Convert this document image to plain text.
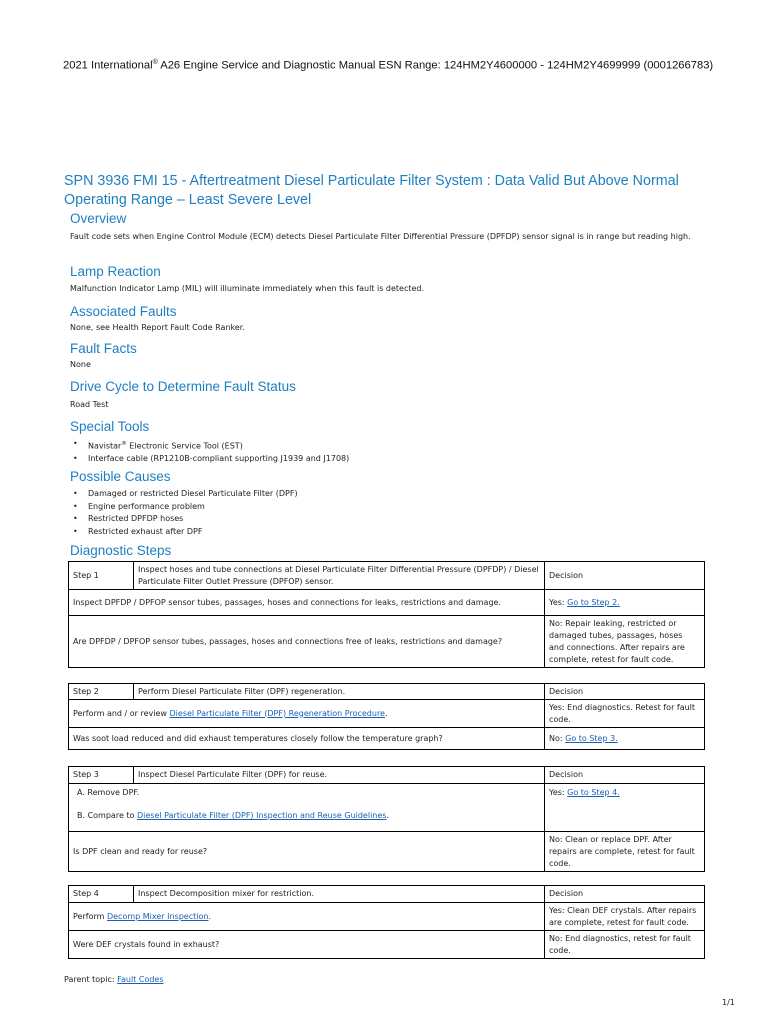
2021 International® A26 Engine Service and Diagnostic Manual ESN Range: 124HM2Y4600000 - 124HM2Y4699999 (0001266783)
SPN 3936 FMI 15 - Aftertreatment Diesel Particulate Filter System : Data Valid But Above Normal Operating Range – Least Severe Level
Overview
Fault code sets when Engine Control Module (ECM) detects Diesel Particulate Filter Differential Pressure (DPFDP) sensor signal is in range but reading high.
Lamp Reaction
Malfunction Indicator Lamp (MIL) will illuminate immediately when this fault is detected.
Associated Faults
None, see Health Report Fault Code Ranker.
Fault Facts
None
Drive Cycle to Determine Fault Status
Road Test
Special Tools
• Navistar® Electronic Service Tool (EST)
• Interface cable (RP1210B-compliant supporting J1939 and J1708)
Possible Causes
• Damaged or restricted Diesel Particulate Filter (DPF)
• Engine performance problem
• Restricted DPFDP hoses
• Restricted exhaust after DPF
Diagnostic Steps
Step 1	Inspect hoses and tube connections at Diesel Particulate Filter Differential Pressure (DPFDP) / Diesel Particulate Filter Outlet Pressure (DPFOP) sensor.	Decision
Inspect DPFDP / DPFOP sensor tubes, passages, hoses and connections for leaks, restrictions and damage.		Yes: Go to Step 2.
Are DPFDP / DPFOP sensor tubes, passages, hoses and connections free of leaks, restrictions and damage?		No: Repair leaking, restricted or damaged tubes, passages, hoses and connections. After repairs are complete, retest for fault code.
Step 2	Perform Diesel Particulate Filter (DPF) regeneration.	Decision
Perform and / or review Diesel Particulate Filter (DPF) Regeneration Procedure.		Yes: End diagnostics. Retest for fault code.
Was soot load reduced and did exhaust temperatures closely follow the temperature graph?		No: Go to Step 3.
Step 3	Inspect Diesel Particulate Filter (DPF) for reuse.	Decision

A. Remove DPF.
B. Compare to Diesel Particulate Filter (DPF) Inspection and Reuse Guidelines.		Yes: Go to Step 4.
Is DPF clean and ready for reuse?		No: Clean or replace DPF. After repairs are complete, retest for fault code.
Step 4	Inspect Decomposition mixer for restriction.	Decision
Perform Decomp Mixer Inspection.		Yes: Clean DEF crystals. After repairs are complete, retest for fault code.
Were DEF crystals found in exhaust?		No: End diagnostics, retest for fault code.
Parent topic: Fault Codes
1/1
